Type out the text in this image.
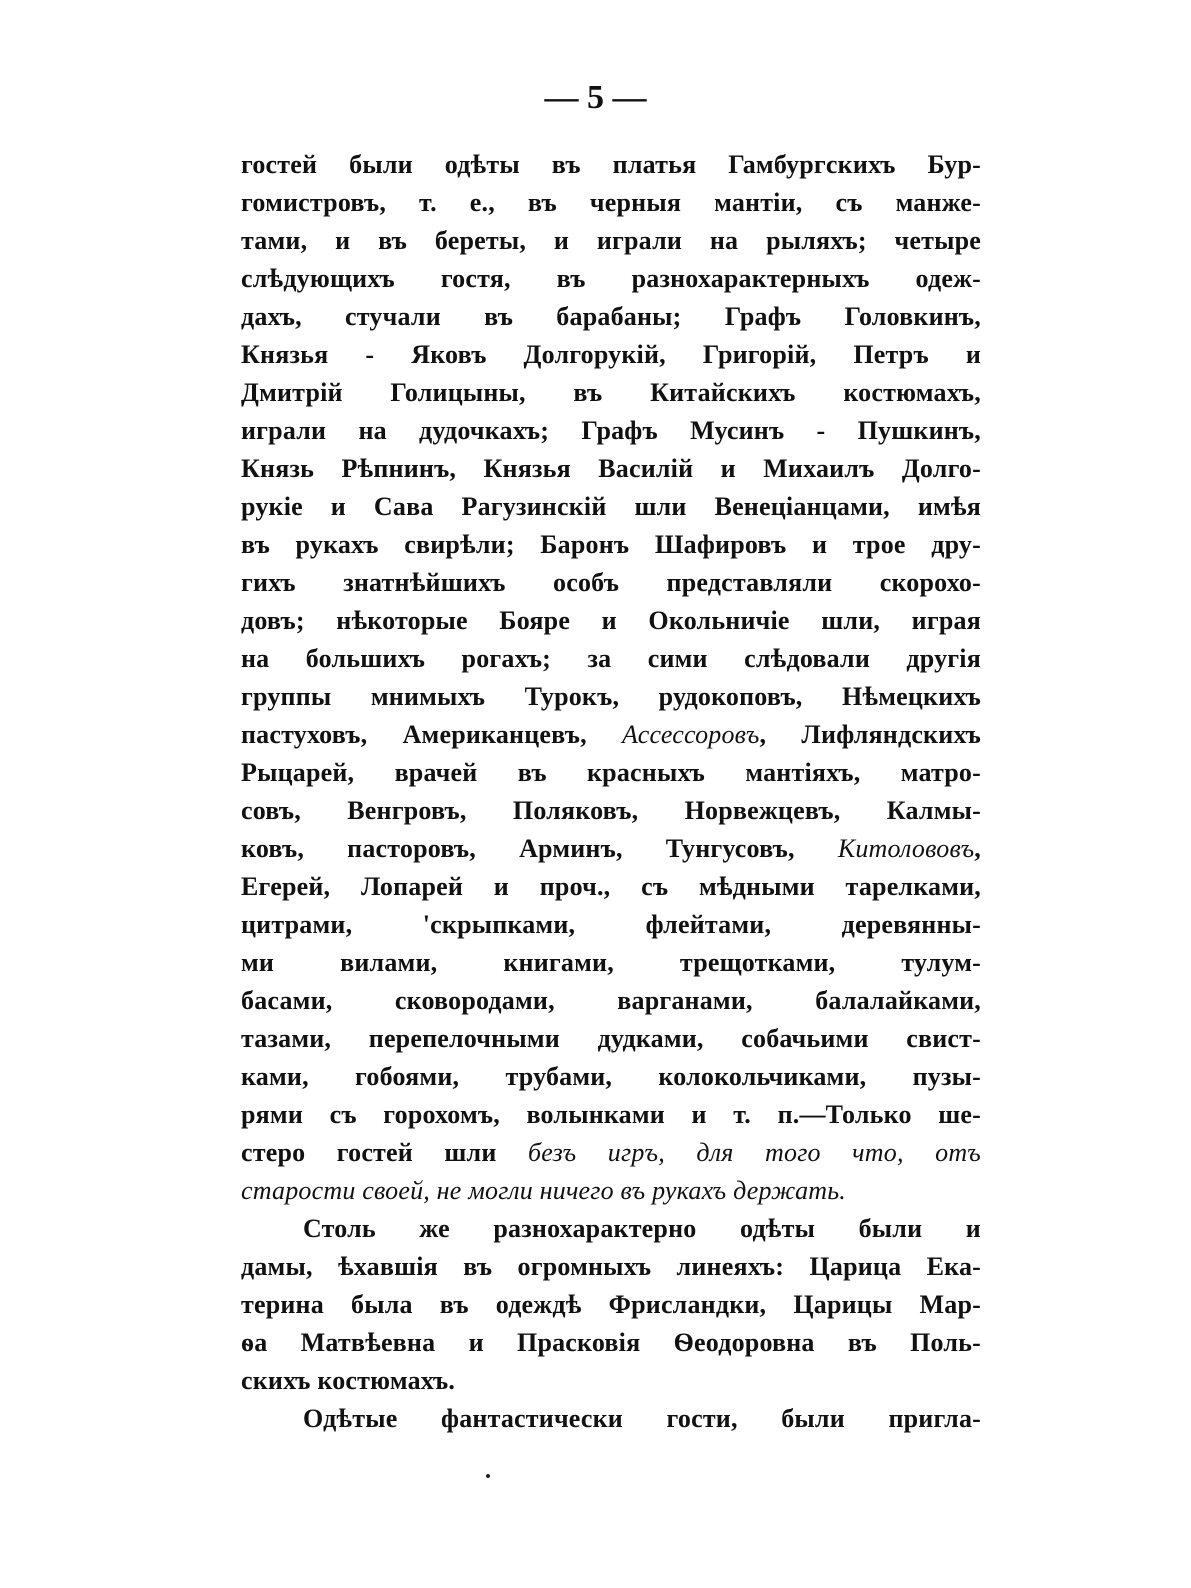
— 5 —
гостей были одѣты въ платья Гамбургскихъ Бур-
гомистровъ, т. е., въ черныя мантіи, съ манже-
тами, и въ береты, и играли на рыляхъ; четыре
слѣдующихъ гостя, въ разнохарактерныхъ одеж-
дахъ, стучали въ барабаны; Графъ Головкинъ,
Князья - Яковъ Долгорукій, Григорій, Петръ и
Дмитрій Голицыны, въ Китайскихъ костюмахъ,
играли на дудочкахъ; Графъ Мусинъ - Пушкинъ,
Князь Рѣпнинъ, Князья Василій и Михаилъ Долго-
рукіе и Сава Рагузинскій шли Венеціанцами, имѣя
въ рукахъ свирѣли; Баронъ Шафировъ и трое дру-
гихъ знатнѣйшихъ особъ представляли скорохо-
довъ; нѣкоторые Бояре и Окольничіе шли, играя
на большихъ рогахъ; за сими слѣдовали другія
группы мнимыхъ Турокъ, рудокоповъ, Нѣмецкихъ
пастуховъ, Американцевъ, Ассессоровъ, Лифляндскихъ
Рыцарей, врачей въ красныхъ мантіяхъ, матро-
совъ, Венгровъ, Поляковъ, Норвежцевъ, Калмы-
ковъ, пасторовъ, Арминъ, Тунгусовъ, Китолововъ,
Егерей, Лопарей и проч., съ мѣдными тарелками,
цитрами, 'скрыпками, флейтами, деревянны-
ми вилами, книгами, трещотками, тулум-
басами, сковородами, варганами, балалайками,
тазами, перепелочными дудками, собачьими свист-
ками, гобоями, трубами, колокольчиками, пузы-
рями съ горохомъ, волынками и т. п.—Только ше-
стеро гостей шли безъ игръ, для того что, отъ
старости своей, не могли ничего въ рукахъ держать.
Столь же разнохарактерно одѣты были и
дамы, ѣхавшія въ огромныхъ линеяхъ: Царица Ека-
терина была въ одеждѣ Фрисландки, Царицы Мар-
ѳа Матвѣевна и Прасковія Ѳеодоровна въ Поль-
скихъ костюмахъ.
Одѣтые фантастически гости, были пригла-
